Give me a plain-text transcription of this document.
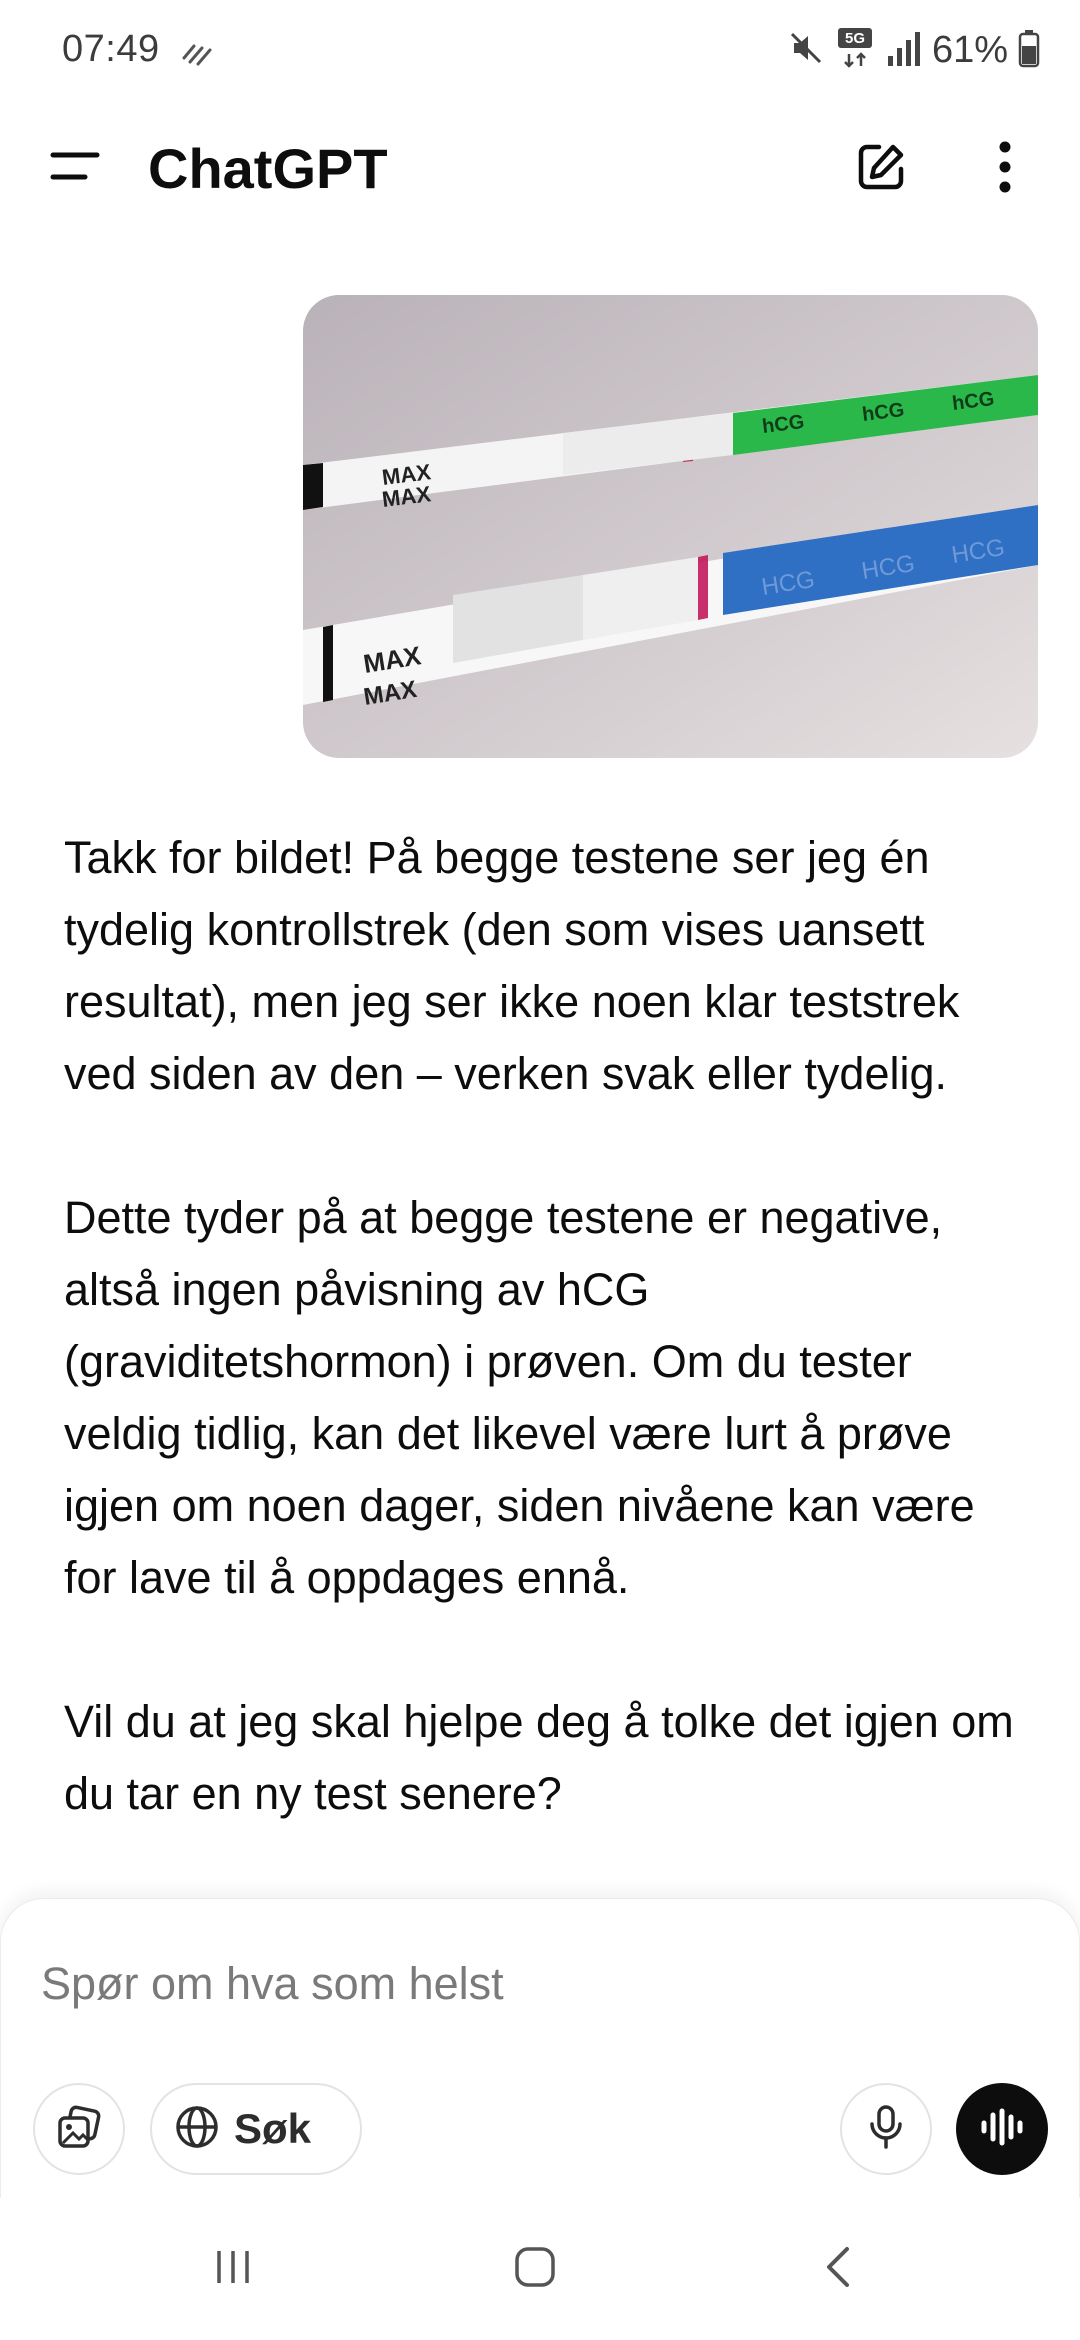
07:49	5G 61%
ChatGPT
MAX
MAX
hCG	hCG hCG
MAX
MAX
HCG HCG HCG

Takk for bildet! På begge testene ser jeg én tydelig kontrollstrek (den som vises uansett resultat), men jeg ser ikke noen klar teststrek ved siden av den – verken svak eller tydelig.

Dette tyder på at begge testene er negative, altså ingen påvisning av hCG (graviditetshormon) i prøven. Om du tester veldig tidlig, kan det likevel være lurt å prøve igjen om noen dager, siden nivåene kan være for lave til å oppdages ennå.

Vil du at jeg skal hjelpe deg å tolke det igjen om du tar en ny test senere?

Spør om hva som helst
Søk
